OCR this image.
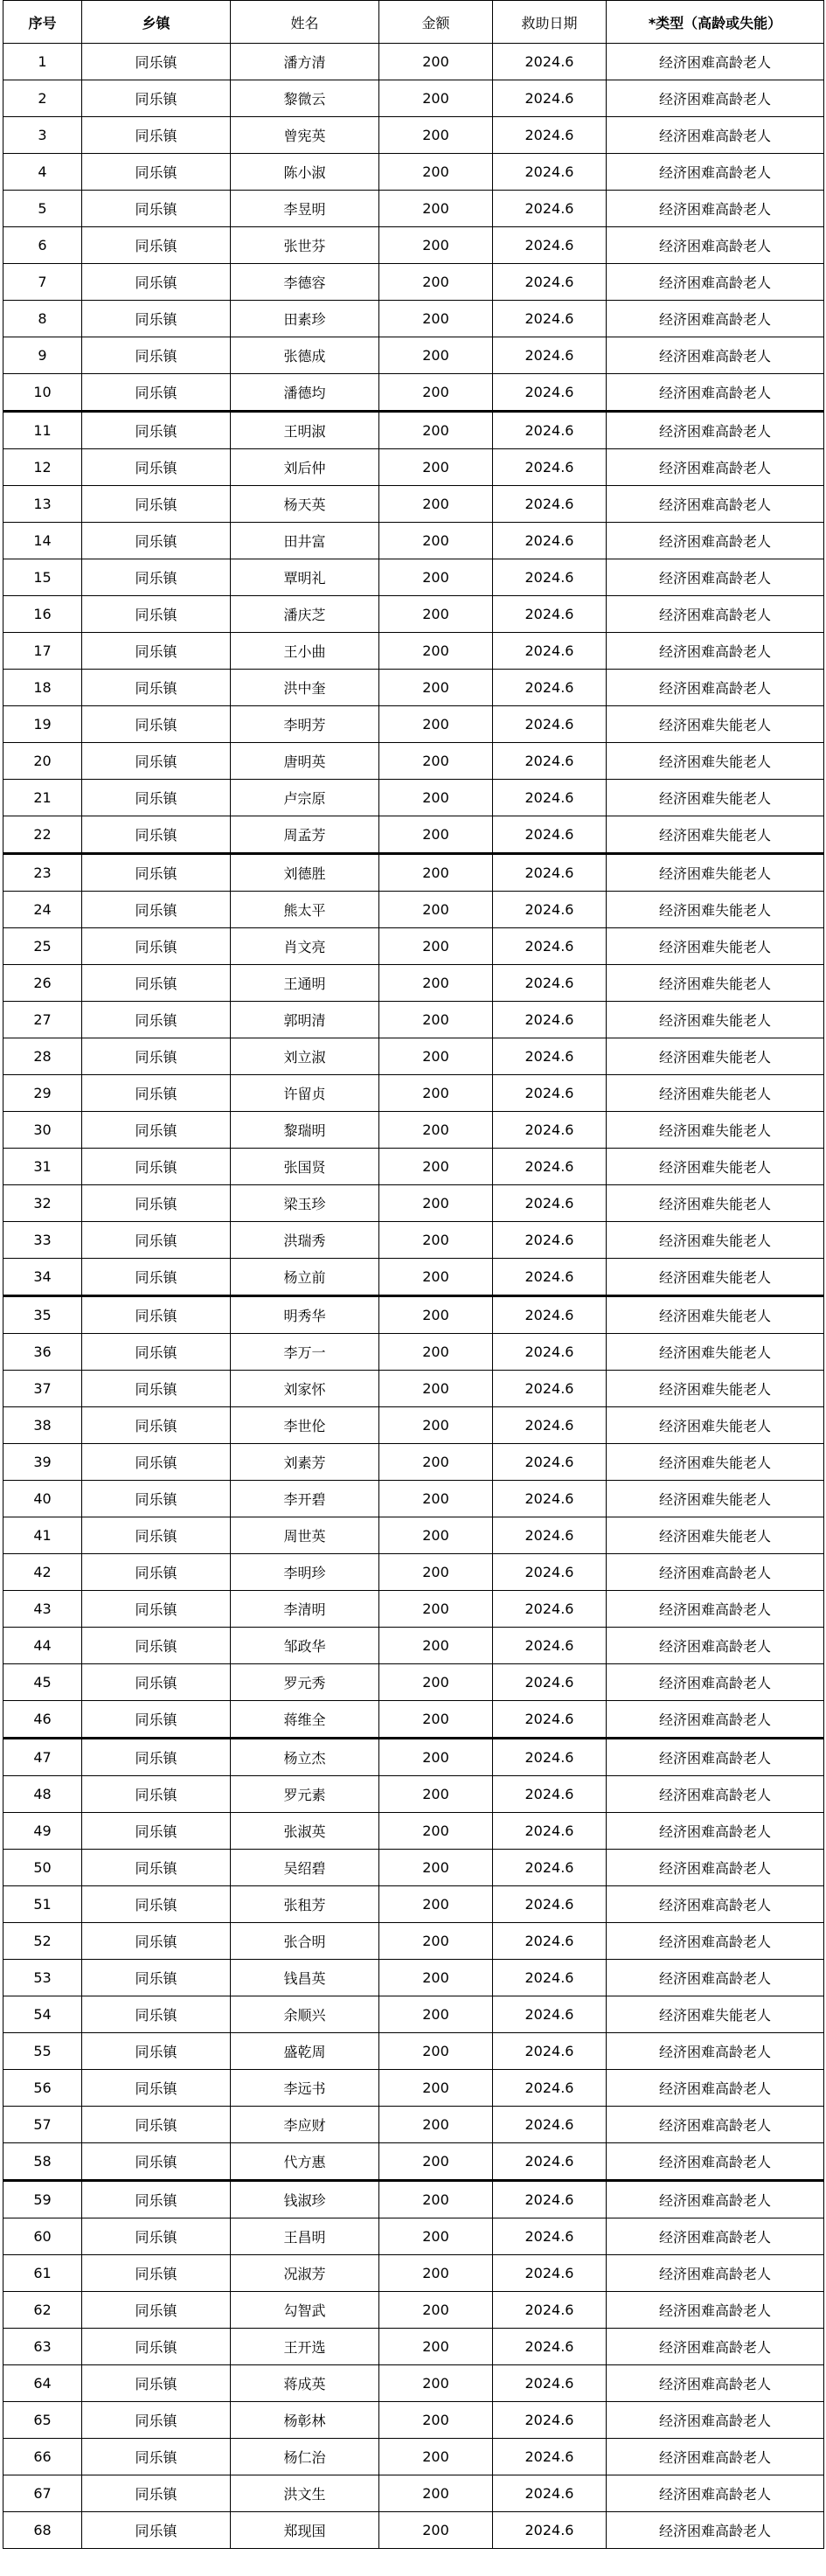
序号	乡镇	姓名	金额	救助日期	*类型（高龄或失能）
1	同乐镇	潘方清	200	2024.6	经济困难高龄老人
2	同乐镇	黎微云	200	2024.6	经济困难高龄老人
3	同乐镇	曾宪英	200	2024.6	经济困难高龄老人
4	同乐镇	陈小淑	200	2024.6	经济困难高龄老人
5	同乐镇	李昱明	200	2024.6	经济困难高龄老人
6	同乐镇	张世芬	200	2024.6	经济困难高龄老人
7	同乐镇	李德容	200	2024.6	经济困难高龄老人
8	同乐镇	田素珍	200	2024.6	经济困难高龄老人
9	同乐镇	张德成	200	2024.6	经济困难高龄老人
10	同乐镇	潘德均	200	2024.6	经济困难高龄老人
11	同乐镇	王明淑	200	2024.6	经济困难高龄老人
12	同乐镇	刘后仲	200	2024.6	经济困难高龄老人
13	同乐镇	杨天英	200	2024.6	经济困难高龄老人
14	同乐镇	田井富	200	2024.6	经济困难高龄老人
15	同乐镇	覃明礼	200	2024.6	经济困难高龄老人
16	同乐镇	潘庆芝	200	2024.6	经济困难高龄老人
17	同乐镇	王小曲	200	2024.6	经济困难高龄老人
18	同乐镇	洪中奎	200	2024.6	经济困难高龄老人
19	同乐镇	李明芳	200	2024.6	经济困难失能老人
20	同乐镇	唐明英	200	2024.6	经济困难失能老人
21	同乐镇	卢宗原	200	2024.6	经济困难失能老人
22	同乐镇	周孟芳	200	2024.6	经济困难失能老人
23	同乐镇	刘德胜	200	2024.6	经济困难失能老人
24	同乐镇	熊太平	200	2024.6	经济困难失能老人
25	同乐镇	肖文亮	200	2024.6	经济困难失能老人
26	同乐镇	王通明	200	2024.6	经济困难失能老人
27	同乐镇	郭明清	200	2024.6	经济困难失能老人
28	同乐镇	刘立淑	200	2024.6	经济困难失能老人
29	同乐镇	许留贞	200	2024.6	经济困难失能老人
30	同乐镇	黎瑞明	200	2024.6	经济困难失能老人
31	同乐镇	张国贤	200	2024.6	经济困难失能老人
32	同乐镇	梁玉珍	200	2024.6	经济困难失能老人
33	同乐镇	洪瑞秀	200	2024.6	经济困难失能老人
34	同乐镇	杨立前	200	2024.6	经济困难失能老人
35	同乐镇	明秀华	200	2024.6	经济困难失能老人
36	同乐镇	李万一	200	2024.6	经济困难失能老人
37	同乐镇	刘家怀	200	2024.6	经济困难失能老人
38	同乐镇	李世伦	200	2024.6	经济困难失能老人
39	同乐镇	刘素芳	200	2024.6	经济困难失能老人
40	同乐镇	李开碧	200	2024.6	经济困难失能老人
41	同乐镇	周世英	200	2024.6	经济困难失能老人
42	同乐镇	李明珍	200	2024.6	经济困难高龄老人
43	同乐镇	李清明	200	2024.6	经济困难高龄老人
44	同乐镇	邹政华	200	2024.6	经济困难高龄老人
45	同乐镇	罗元秀	200	2024.6	经济困难高龄老人
46	同乐镇	蒋维全	200	2024.6	经济困难高龄老人
47	同乐镇	杨立杰	200	2024.6	经济困难高龄老人
48	同乐镇	罗元素	200	2024.6	经济困难高龄老人
49	同乐镇	张淑英	200	2024.6	经济困难高龄老人
50	同乐镇	吴绍碧	200	2024.6	经济困难高龄老人
51	同乐镇	张租芳	200	2024.6	经济困难高龄老人
52	同乐镇	张合明	200	2024.6	经济困难高龄老人
53	同乐镇	钱昌英	200	2024.6	经济困难高龄老人
54	同乐镇	余顺兴	200	2024.6	经济困难失能老人
55	同乐镇	盛乾周	200	2024.6	经济困难高龄老人
56	同乐镇	李远书	200	2024.6	经济困难高龄老人
57	同乐镇	李应财	200	2024.6	经济困难高龄老人
58	同乐镇	代方惠	200	2024.6	经济困难高龄老人
59	同乐镇	钱淑珍	200	2024.6	经济困难高龄老人
60	同乐镇	王昌明	200	2024.6	经济困难高龄老人
61	同乐镇	况淑芳	200	2024.6	经济困难高龄老人
62	同乐镇	勾智武	200	2024.6	经济困难高龄老人
63	同乐镇	王开选	200	2024.6	经济困难高龄老人
64	同乐镇	蒋成英	200	2024.6	经济困难高龄老人
65	同乐镇	杨彰林	200	2024.6	经济困难高龄老人
66	同乐镇	杨仁治	200	2024.6	经济困难高龄老人
67	同乐镇	洪文生	200	2024.6	经济困难高龄老人
68	同乐镇	郑现国	200	2024.6	经济困难高龄老人
